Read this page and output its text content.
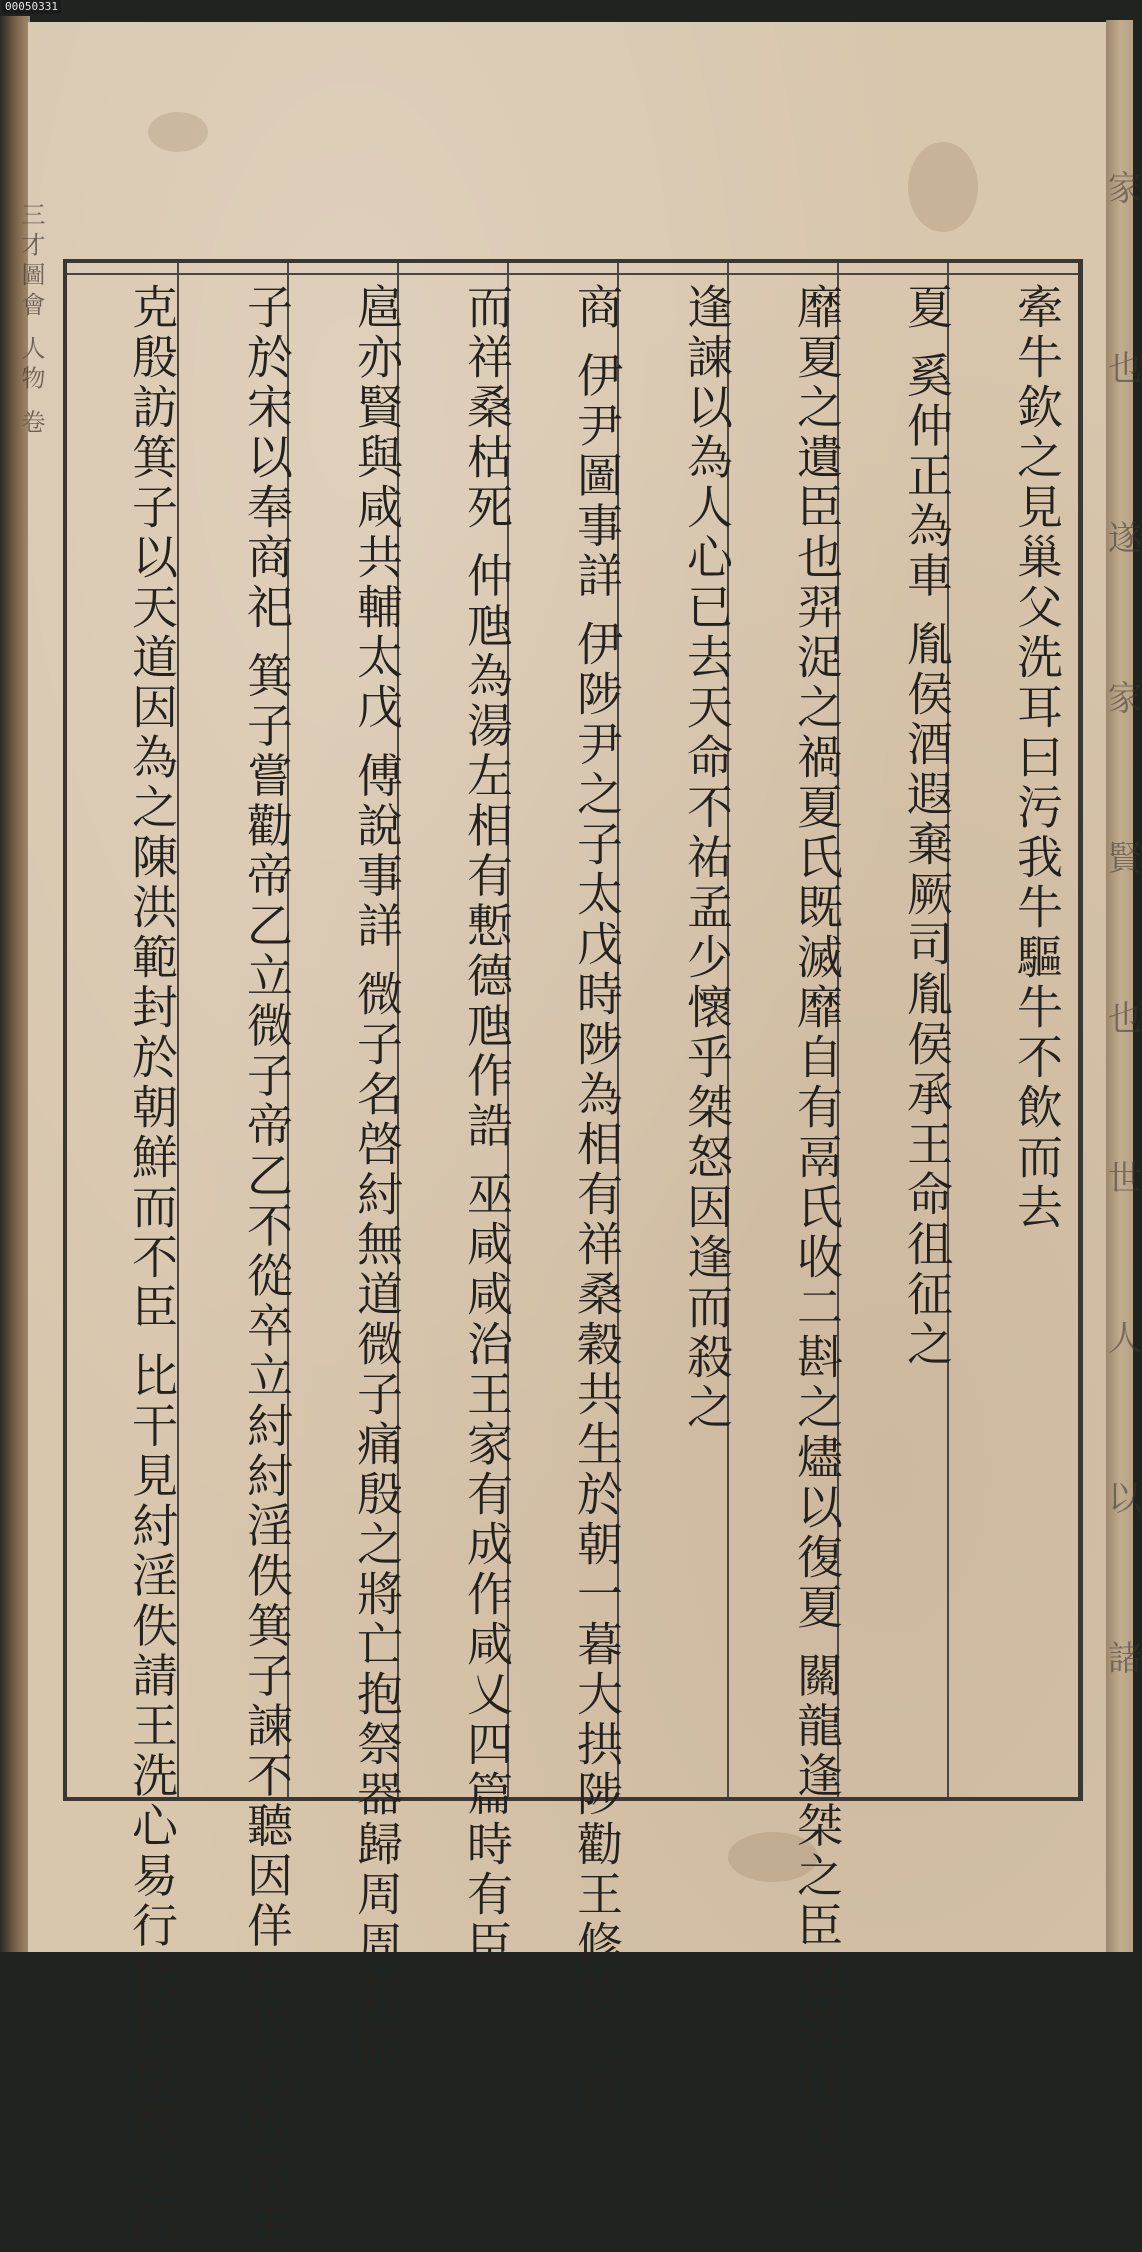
00050331
家
也
遂
家
賢
也
世
人
以
諸
三才圖會 人物 卷	牽牛欽之見巢父洗耳曰污我牛驅牛不飲而去
夏 奚仲正為車 胤侯酒遐棄厥司胤侯承王命徂征之
靡夏之遺臣也羿浞之禍夏氏既滅靡自有鬲氏收二斟之燼以復夏 關龍逢桀之臣也桀行淫縱
逢諫以為人心已去天命不祐孟少懷乎桀怒因逢而殺之
商 伊尹圖事詳 伊陟尹之子太戊時陟為相有祥桑穀共生於朝一暮大拱陟勸王修德三日
而祥桑枯死 仲虺為湯左相有慙德虺作誥 巫咸咸治王家有成作咸乂四篇時有臣
扈亦賢與咸共輔太戊 傅說事詳 微子名啓紂無道微子痛殷之將亡抱祭器歸周周封微
子於宋以奉商祀 箕子嘗勸帝乙立微子帝乙不從卒立紂紂淫佚箕子諫不聽因佯狂以為奴武王
克殷訪箕子以天道因為之陳洪範封於朝鮮而不臣 比干見紂淫佚請王洗心易行伏於象魏之門
